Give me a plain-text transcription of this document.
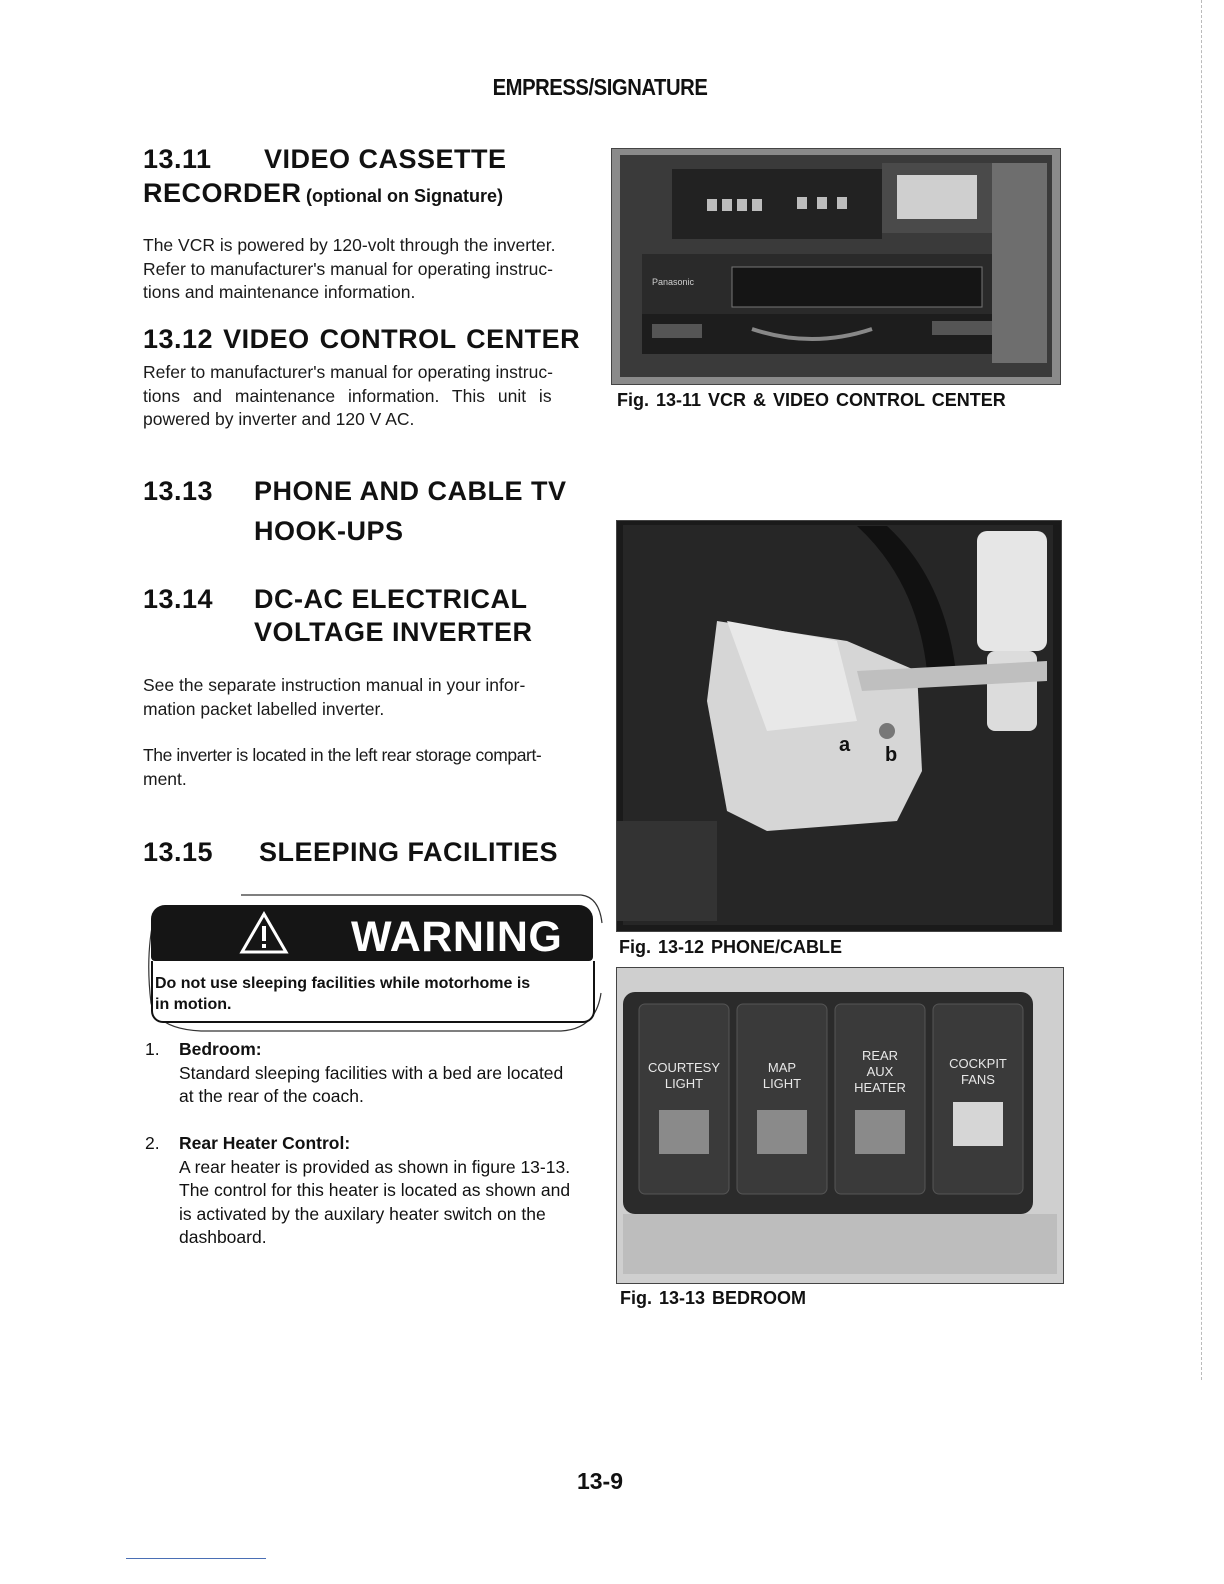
EMPRESS/SIGNATURE
13.11 VIDEO CASSETTE
RECORDER (optional on Signature)
The VCR is powered by 120-volt through the inverter.
Refer to manufacturer's manual for operating instruc-
tions and maintenance information.
13.12 VIDEO CONTROL CENTER
Refer to manufacturer's manual for operating instruc-
tions and maintenance information. This unit is
powered by inverter and 120 V AC.
13.13 PHONE AND CABLE TV
HOOK-UPS
13.14 DC-AC ELECTRICAL
VOLTAGE INVERTER
See the separate instruction manual in your infor-
mation packet labelled inverter.
The inverter is located in the left rear storage compart-
ment.
13.15 SLEEPING FACILITIES
WARNING
Do not use sleeping facilities while motorhome is
in motion.
1. Bedroom:
Standard sleeping facilities with a bed are located
at the rear of the coach.
2. Rear Heater Control:
A rear heater is provided as shown in figure 13-13.
The control for this heater is located as shown and
is activated by the auxilary heater switch on the
dashboard.
Panasonic
Fig. 13-11 VCR & VIDEO CONTROL CENTER
a b
Fig. 13-12 PHONE/CABLE
COURTESY
LIGHT
MAP
LIGHT
REAR
AUX
HEATER
COCKPIT
FANS
Fig. 13-13 BEDROOM
13-9
